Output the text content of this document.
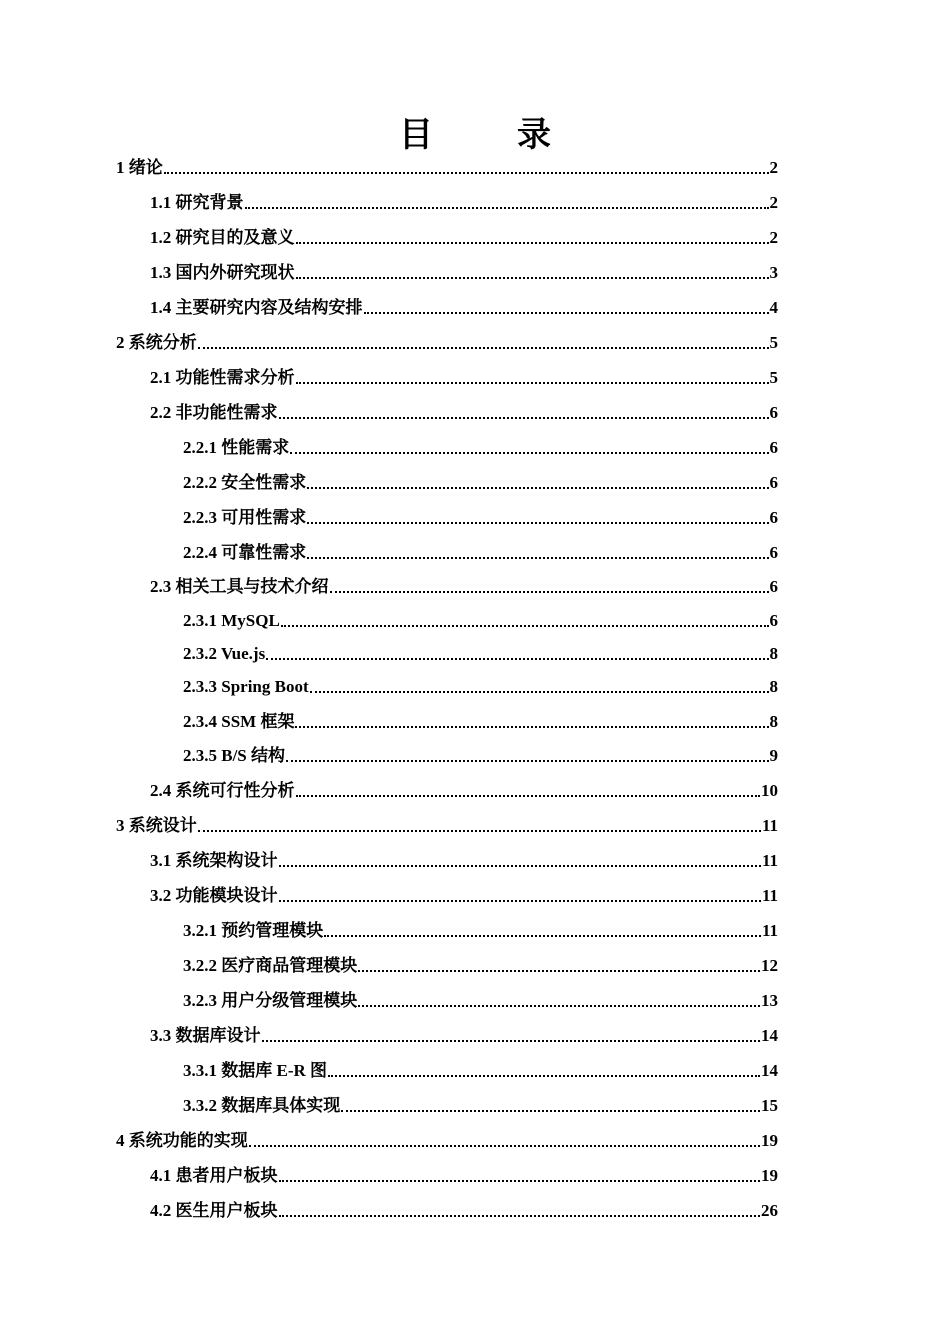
目 录
1 绪论	2
1.1 研究背景	2
1.2 研究目的及意义	2
1.3 国内外研究现状	3
1.4 主要研究内容及结构安排	4
2 系统分析	5
2.1 功能性需求分析	5
2.2 非功能性需求	6
2.2.1 性能需求	6
2.2.2 安全性需求	6
2.2.3 可用性需求	6
2.2.4 可靠性需求	6
2.3 相关工具与技术介绍	6
2.3.1 MySQL	6
2.3.2 Vue.js	8
2.3.3 Spring Boot	8
2.3.4 SSM 框架	8
2.3.5 B/S 结构	9
2.4 系统可行性分析	10
3 系统设计	11
3.1 系统架构设计	11
3.2 功能模块设计	11
3.2.1 预约管理模块	11
3.2.2 医疗商品管理模块	12
3.2.3 用户分级管理模块	13
3.3 数据库设计	14
3.3.1 数据库 E-R 图	14
3.3.2 数据库具体实现	15
4 系统功能的实现	19
4.1 患者用户板块	19
4.2 医生用户板块	26
